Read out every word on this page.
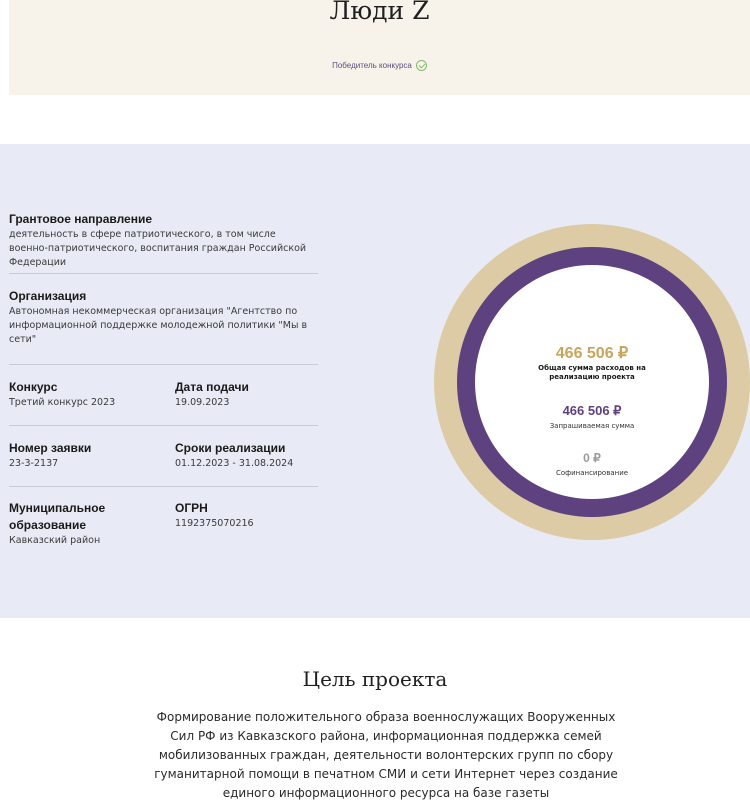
Люди Z
Победитель конкурса
Грантовое направление
деятельность в сфере патриотического, в том числе военно-патриотического, воспитания граждан Российской Федерации
Организация
Автономная некоммерческая организация "Агентство по информационной поддержке молодежной политики "Мы в сети"
Конкурс
Третий конкурс 2023
Дата подачи
19.09.2023
Номер заявки
23-3-2137
Сроки реализации
01.12.2023 - 31.08.2024
Муниципальное образование
Кавказский район
ОГРН
1192375070216
466 506 ₽
Общая сумма расходов на реализацию проекта
466 506 ₽
Запрашиваемая сумма
0 ₽
Софинансирование
Цель проекта
Формирование положительного образа военнослужащих Вооруженных Сил РФ из Кавказского района, информационная поддержка семей мобилизованных граждан, деятельности волонтерских групп по сбору гуманитарной помощи в печатном СМИ и сети Интернет через создание единого информационного ресурса на базе газеты
